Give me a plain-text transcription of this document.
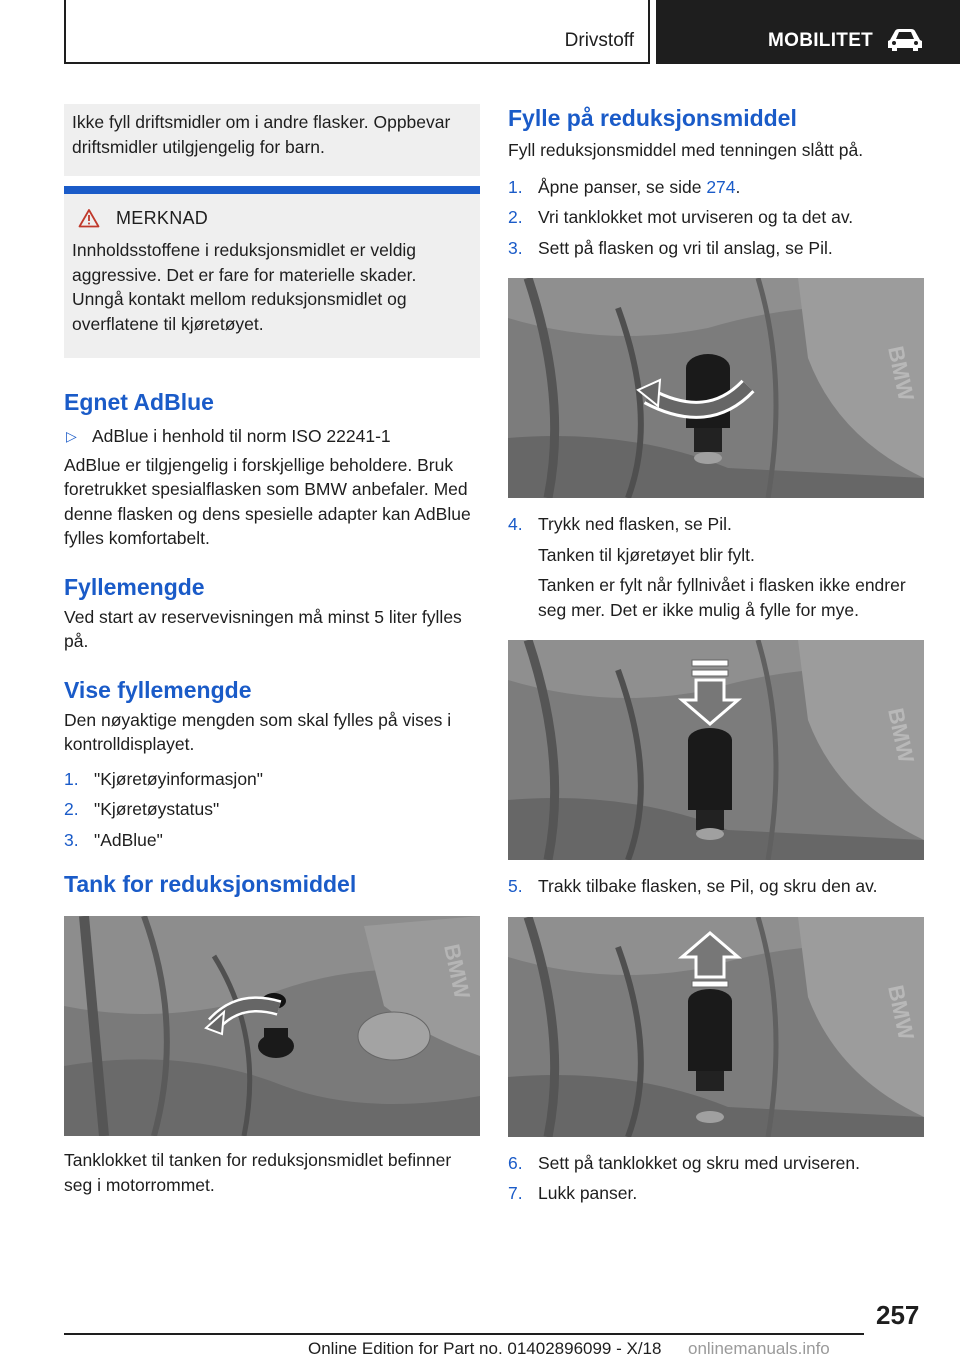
Drivstoff	MOBILITET

Ikke fyll driftsmidler om i andre flasker. Oppbevar driftsmidler utilgjengelig for barn.

MERKNAD

Innholdsstoffene i reduksjonsmidlet er veldig aggressive. Det er fare for materielle skader. Unngå kontakt mellom reduksjonsmidlet og overflatene til kjøretøyet.

Egnet AdBlue
▷ AdBlue i henhold til norm ISO 22241-1

AdBlue er tilgjengelig i forskjellige beholdere. Bruk foretrukket spesialflasken som BMW anbefaler. Med denne flasken og dens spesielle adapter kan AdBlue fylles komfortabelt.

Fyllemengde

Ved start av reservevisningen må minst 5 liter fylles på.

Vise fyllemengde

Den nøyaktige mengden som skal fylles på vises i kontrolldisplayet.

1. "Kjøretøyinformasjon"
2. "Kjøretøystatus"
3. "AdBlue"
Tank for reduksjonsmiddel
BMW

Tanklokket til tanken for reduksjonsmidlet befinner seg i motorrommet.

Fylle på reduksjonsmiddel

Fyll reduksjonsmiddel med tenningen slått på.

1. Åpne panser, se side 274.
2. Vri tanklokket mot urviseren og ta det av.
3. Sett på flasken og vri til anslag, se Pil.
BMW
4. Trykk ned flasken, se Pil.

Tanken til kjøretøyet blir fylt.

Tanken er fylt når fyllnivået i flasken ikke endrer seg mer. Det er ikke mulig å fylle for mye.

BMW
5. Trakk tilbake flasken, se Pil, og skru den av.
BMW
6. Sett på tanklokket og skru med urviseren.
7. Lukk panser.
257
Online Edition for Part no. 01402896099 - X/18 onlinemanuals.info
